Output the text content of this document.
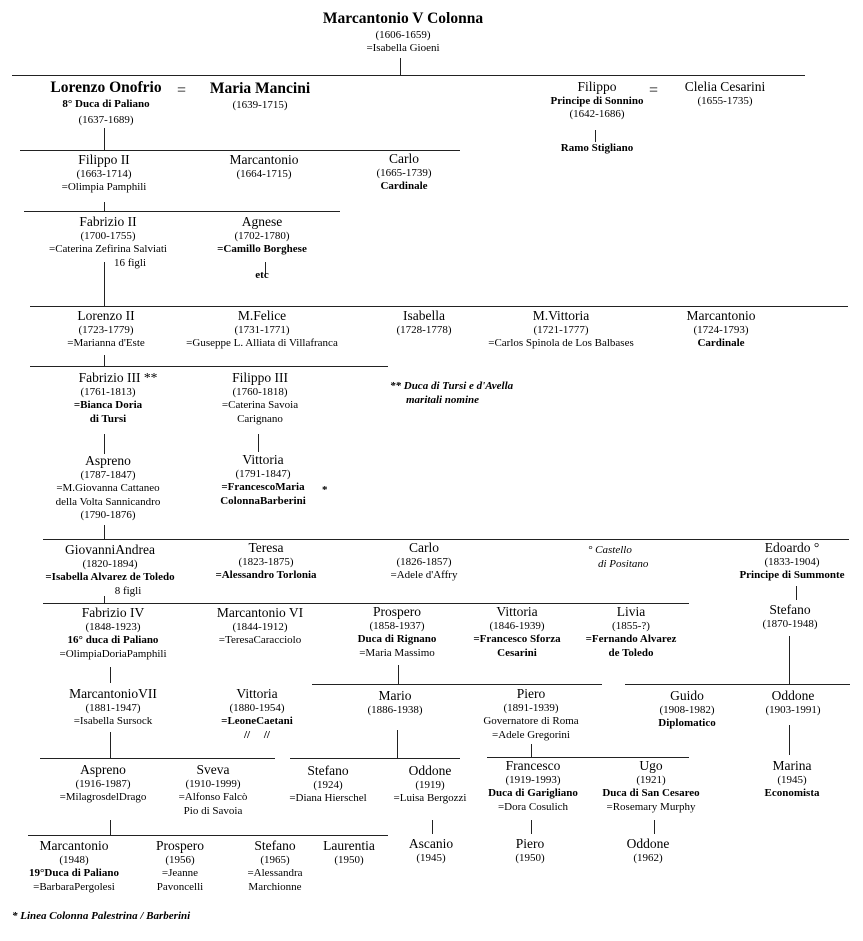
=	=
Marcantonio V Colonna
(1606-1659)
=Isabella Gioeni
Lorenzo Onofrio
8° Duca di Paliano
(1637-1689)
Maria Mancini
(1639-1715)
Filippo
Principe di Sonnino
(1642-1686)
Ramo Stigliano
Clelia Cesarini
(1655-1735)
Filippo II
(1663-1714)
=Olimpia Pamphili
Marcantonio
(1664-1715)
Carlo
(1665-1739)
Cardinale
Fabrizio II
(1700-1755)
=Caterina Zefirina Salviati
16 figli
Agnese
(1702-1780)
=Camillo Borghese
etc
Lorenzo II
(1723-1779)
=Marianna d'Este
M.Felice
(1731-1771)
=Guseppe L. Alliata di Villafranca
Isabella
(1728-1778)
M.Vittoria
(1721-1777)
=Carlos Spinola de Los Balbases
Marcantonio
(1724-1793)
Cardinale
Fabrizio III **
(1761-1813)
=Bianca Doria
di Tursi
Filippo III
(1760-1818)
=Caterina Savoia
Carignano
** Duca di Tursi e d'Avella
maritali nomine
Aspreno
(1787-1847)
=M.Giovanna Cattaneo
della Volta Sannicandro
(1790-1876)
Vittoria
(1791-1847)
=FrancescoMaria
ColonnaBarberini
*
GiovanniAndrea
(1820-1894)
=Isabella Alvarez de Toledo
8 figli
Teresa
(1823-1875)
=Alessandro Torlonia
Carlo
(1826-1857)
=Adele d'Affry
° Castello
di Positano
Edoardo °
(1833-1904)
Principe di Summonte
Fabrizio IV
(1848-1923)
16° duca di Paliano
=OlimpiaDoriaPamphili
Marcantonio VI
(1844-1912)
=TeresaCaracciolo
Prospero
(1858-1937)
Duca di Rignano
=Maria Massimo
Vittoria
(1846-1939)
=Francesco Sforza
Cesarini
Livia
(1855-?)
=Fernando Alvarez
de Toledo
Stefano
(1870-1948)
MarcantonioVII
(1881-1947)
=Isabella Sursock
Vittoria
(1880-1954)
=LeoneCaetani
//     //
Mario
(1886-1938)
Piero
(1891-1939)
Governatore di Roma
=Adele Gregorini
Guido
(1908-1982)
Diplomatico
Oddone
(1903-1991)
Aspreno
(1916-1987)
=MilagrosdelDrago
Sveva
(1910-1999)
=Alfonso Falcò
Pio di Savoia
Stefano
(1924)
=Diana Hierschel
Oddone
(1919)
=Luisa Bergozzi
Francesco
(1919-1993)
Duca di Garigliano
=Dora Cosulich
Ugo
(1921)
Duca di San Cesareo
=Rosemary Murphy
Marina
(1945)
Economista
Marcantonio
(1948)
19°Duca di Paliano
=BarbaraPergolesi
Prospero
(1956)
=Jeanne
Pavoncelli
Stefano
(1965)
=Alessandra
Marchionne
Laurentia
(1950)
Ascanio
(1945)
Piero
(1950)
Oddone
(1962)
* Linea Colonna Palestrina / Barberini
